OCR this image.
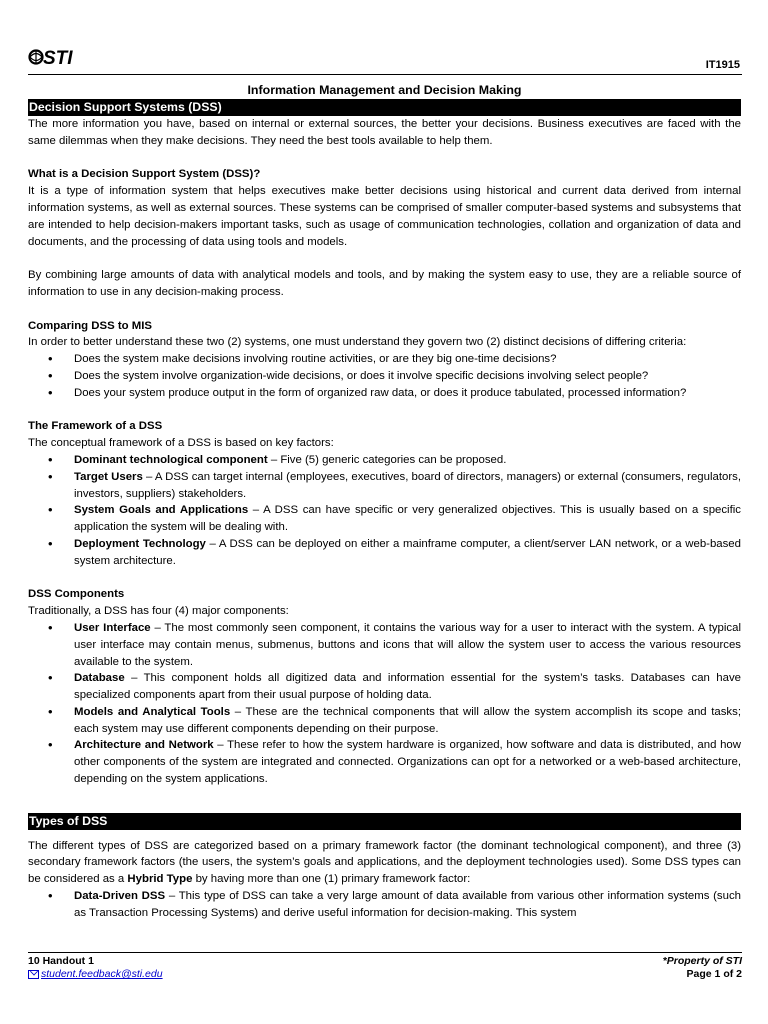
STI	IT1915
Information Management and Decision Making
Decision Support Systems (DSS)

The more information you have, based on internal or external sources, the better your decisions. Business executives are faced with the same dilemmas when they make decisions. They need the best tools available to help them.

What is a Decision Support System (DSS)?

It is a type of information system that helps executives make better decisions using historical and current data derived from internal information systems, as well as external sources. These systems can be comprised of smaller computer-based systems and subsystems that are intended to help decision-makers important tasks, such as usage of communication technologies, collation and organization of data and documents, and the processing of data using tools and models.

By combining large amounts of data with analytical models and tools, and by making the system easy to use, they are a reliable source of information to use in any decision-making process.

Comparing DSS to MIS

In order to better understand these two (2) systems, one must understand they govern two (2) distinct decisions of differing criteria:

• Does the system make decisions involving routine activities, or are they big one-time decisions?
• Does the system involve organization-wide decisions, or does it involve specific decisions involving select people?
• Does your system produce output in the form of organized raw data, or does it produce tabulated, processed information?
The Framework of a DSS

The conceptual framework of a DSS is based on key factors:

• Dominant technological component – Five (5) generic categories can be proposed.
• Target Users – A DSS can target internal (employees, executives, board of directors, managers) or external (consumers, regulators, investors, suppliers) stakeholders.
• System Goals and Applications – A DSS can have specific or very generalized objectives. This is usually based on a specific application the system will be dealing with.
• Deployment Technology – A DSS can be deployed on either a mainframe computer, a client/server LAN network, or a web-based system architecture.
DSS Components

Traditionally, a DSS has four (4) major components:

• User Interface – The most commonly seen component, it contains the various way for a user to interact with the system. A typical user interface may contain menus, submenus, buttons and icons that will allow the system user to access the various resources available to the system.
• Database – This component holds all digitized data and information essential for the system’s tasks. Databases can have specialized components apart from their usual purpose of holding data.
• Models and Analytical Tools – These are the technical components that will allow the system accomplish its scope and tasks; each system may use different components depending on their purpose.
• Architecture and Network – These refer to how the system hardware is organized, how software and data is distributed, and how other components of the system are integrated and connected. Organizations can opt for a networked or a web-based architecture, depending on the system applications.
Types of DSS

The different types of DSS are categorized based on a primary framework factor (the dominant technological component), and three (3) secondary framework factors (the users, the system’s goals and applications, and the deployment technologies used). Some DSS types can be considered as a Hybrid Type by having more than one (1) primary framework factor:

• Data-Driven DSS – This type of DSS can take a very large amount of data available from various other information systems (such as Transaction Processing Systems) and derive useful information for decision-making. This system
10 Handout 1
student.feedback@sti.edu
*Property of STI
Page 1 of 2
